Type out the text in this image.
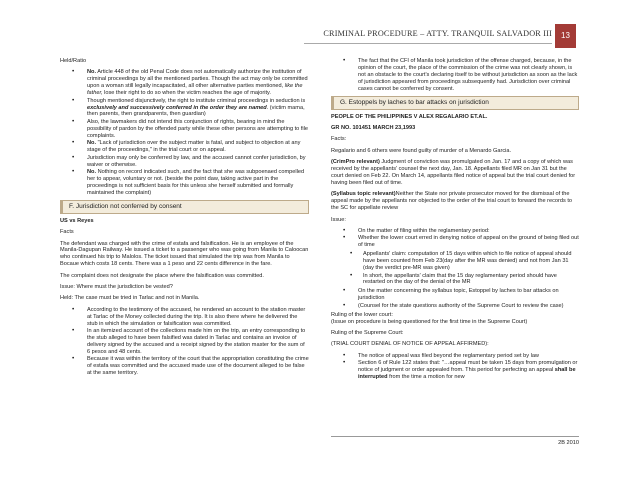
CRIMINAL PROCEDURE – ATTY. TRANQUIL SALVADOR III	13

Held/Ratio

• No. Article 448 of the old Penal Code does not automatically authorize the institution of criminal proceedings by all the mentioned parties. Though the act may only be committed upon a woman still legally incapacitated, all other alternative parties mentioned, like the father, lose their right to do so when the victim reaches the age of majority.
• Though mentioned disjunctively, the right to institute criminal proceedings in seduction is exclusively and successively conferred in the order they are named. (victim mama, then parents, then grandparents, then guardian)
• Also, the lawmakers did not intend this conjunction of rights, bearing in mind the possibility of pardon by the offended party while these other persons are attempting to file complaints.
• No. "Lack of jurisdiction over the subject matter is fatal, and subject to objection at any stage of the proceedings," in the trial court or on appeal.
• Jurisdiction may only be conferred by law, and the accused cannot confer jurisdiction, by waiver or otherwise.
• No. Nothing on record indicated such, and the fact that she was subpoenaed compelled her to appear, voluntary or not. (beside the point daw, taking active part in the proceedings is not sufficient basis for this unless she herself submitted and formally maintained the complaint)
F. Jurisdiction not conferred by consent

US vs Reyes

Facts

The defendant was charged with the crime of estafa and falsification. He is an employee of the Manila-Dagupan Railway. He issued a ticket to a passenger who was going from Manila to Caloocan who continued his trip to Malolos. The ticket issued that simulated the trip was from Manila to Bocaue which costs 18 cents. There was a 1 peso and 22 cents difference in the fare.

The complaint does not designate the place where the falsification was committed.

Issue: Where must the jurisdiction be vested?

Held: The case must be tried in Tarlac and not in Manila.

• According to the testimony of the accused, he rendered an account to the station master at Tarlac of the Money collected during the trip. It is also there where he delivered the stub in which the simulation or falsification was committed.
• In an itemized account of the collections made him on the trip, an entry corresponding to the stub alleged to have been falsified was dated in Tarlac and contains an invoice of delivery signed by the accused and a receipt signed by the station master for the sum of 6 pesos and 48 cents.
• Because it was within the territory of the court that the appropriation constituting the crime of estafa was committed and the accused made use of the document alleged to be false at the same territory.
• The fact that the CFI of Manila took jurisdiction of the offense charged, because, in the opinion of the court, the place of the commission of the crime was not clearly shown, is not an obstacle to the court's declaring itself to be without jurisdiction as soon as the lack of jurisdiction appeared from proceedings subsequently had. Jurisdiction over criminal cases cannot be conferred by consent.
G. Estoppels by laches to bar attacks on jurisdiction

PEOPLE OF THE PHILIPPINES V ALEX REGALARIO ET.AL.

GR NO. 101451 MARCH 23,1993

Facts:

Regalario and 6 others were found guilty of murder of a Menardo Garcia.

(CrimPro relevant) Judgment of conviction was promulgated on Jan. 17 and a copy of which was received by the appellants' counsel the next day, Jan. 18. Appellants filed MR on Jan 31 but the court denied on Feb 22. On March 14, appellants filed notice of appeal but the trial court denied for having been filed out of time.

(Syllabus topic relevant)Neither the State nor private prosecutor moved for the dismissal of the appeal made by the appellants nor objected to the order of the trial court to forward the records to the SC for appellate review

Issue:

• On the matter of filing within the reglamentary period:
• Whether the lower court erred in denying notice of appeal on the ground of being filed out of time
• Appellants' claim: computation of 15 days within which to file notice of appeal should have been counted from Feb 23(day after the MR was denied) and not from Jan 31 (day the verdict pre-MR was given)
• In short, the appellants' claim that the 15 day reglamentary period should have restarted on the day of the denial of the MR
• On the matter concerning the syllabus topic, Estoppel by laches to bar attacks on jurisdiction
• (Counsel for the state questions authority of the Supreme Court to review the case)

Ruling of the lower court:

(Issue on procedure is being questioned for the first time in the Supreme Court)

Ruling of the Supreme Court:

(TRIAL COURT DENIAL OF NOTICE OF APPEAL AFFIRMED):

• The notice of appeal was filed beyond the reglamentary period set by law
• Section 6 of Rule 122 states that: "…appeal must be taken 15 days from promulgation or notice of judgment or order appealed from. This period for perfecting an appeal shall be interrupted from the time a motion for new
2B 2010
